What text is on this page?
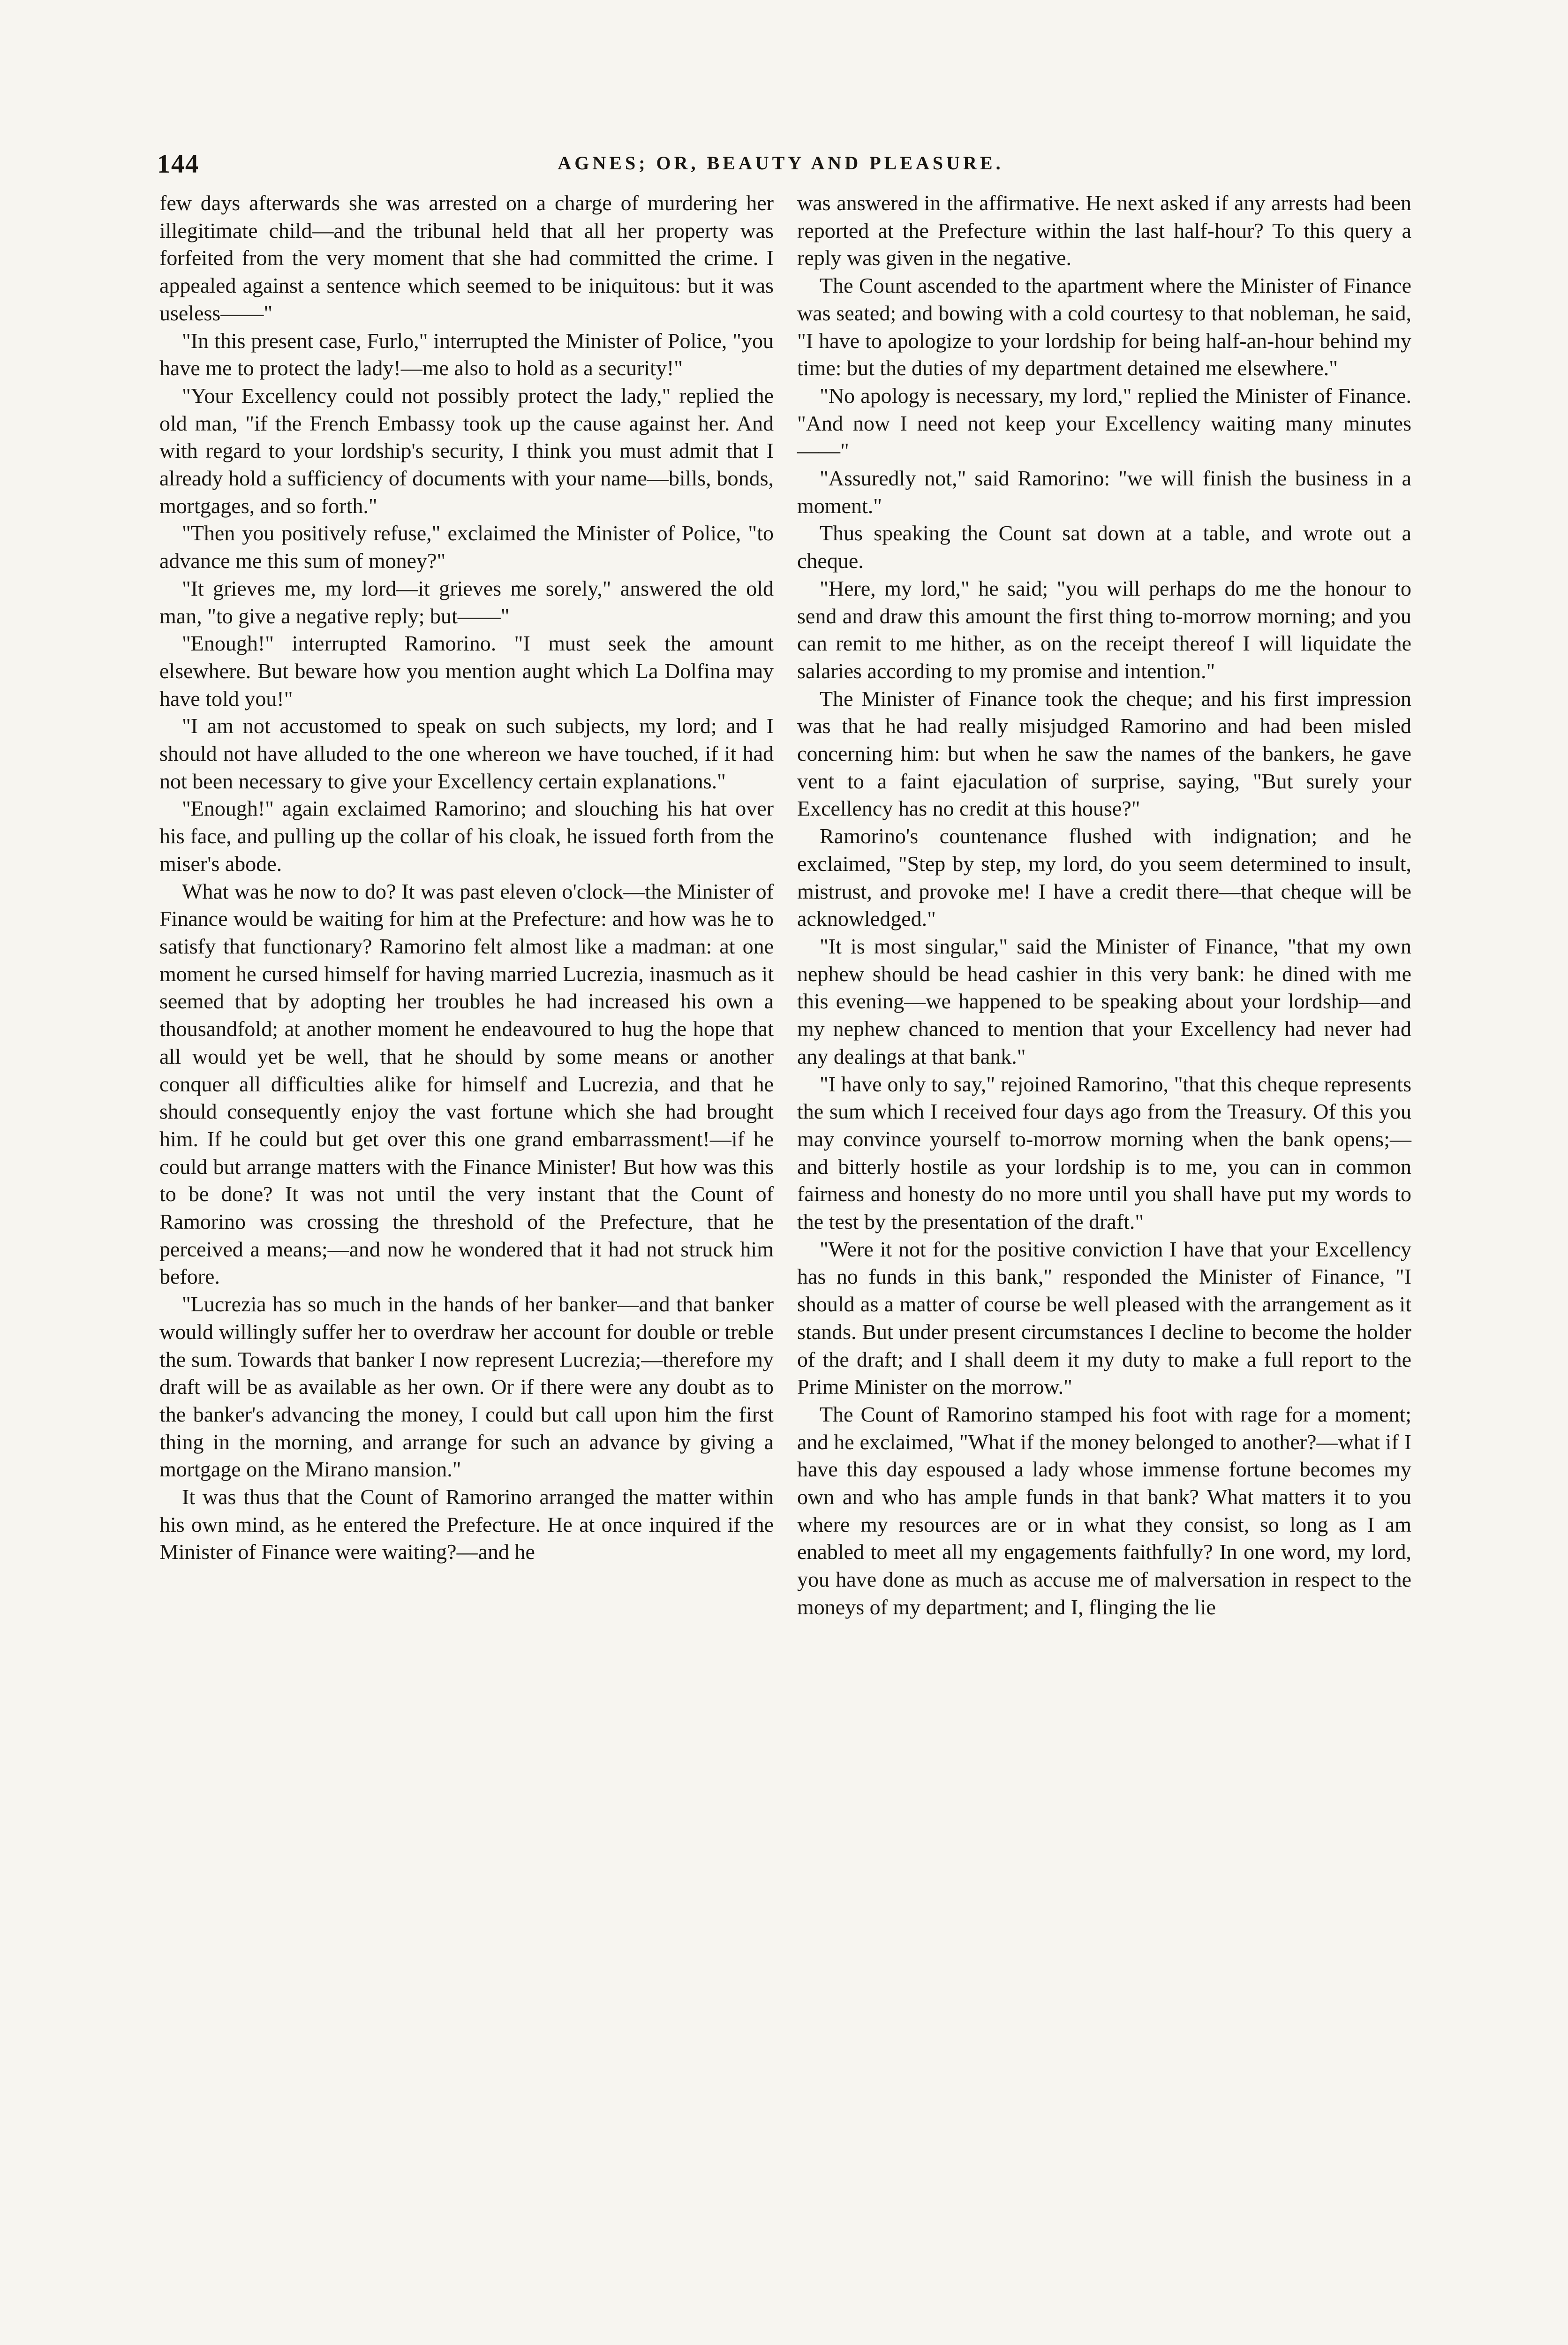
144	AGNES; OR, BEAUTY AND PLEASURE.

few days afterwards she was arrested on a charge of murdering her illegitimate child—and the tribunal held that all her property was forfeited from the very moment that she had committed the crime. I appealed against a sentence which seemed to be iniquitous: but it was useless——"

"In this present case, Furlo," interrupted the Minister of Police, "you have me to protect the lady!—me also to hold as a security!"

"Your Excellency could not possibly protect the lady," replied the old man, "if the French Embassy took up the cause against her. And with regard to your lordship's security, I think you must admit that I already hold a sufficiency of documents with your name—bills, bonds, mortgages, and so forth."

"Then you positively refuse," exclaimed the Minister of Police, "to advance me this sum of money?"

"It grieves me, my lord—it grieves me sorely," answered the old man, "to give a negative reply; but——"

"Enough!" interrupted Ramorino. "I must seek the amount elsewhere. But beware how you mention aught which La Dolfina may have told you!"

"I am not accustomed to speak on such subjects, my lord; and I should not have alluded to the one whereon we have touched, if it had not been necessary to give your Excellency certain explanations."

"Enough!" again exclaimed Ramorino; and slouching his hat over his face, and pulling up the collar of his cloak, he issued forth from the miser's abode.

What was he now to do? It was past eleven o'clock—the Minister of Finance would be waiting for him at the Prefecture: and how was he to satisfy that functionary? Ramorino felt almost like a madman: at one moment he cursed himself for having married Lucrezia, inasmuch as it seemed that by adopting her troubles he had increased his own a thousandfold; at another moment he endeavoured to hug the hope that all would yet be well, that he should by some means or another conquer all difficulties alike for himself and Lucrezia, and that he should consequently enjoy the vast fortune which she had brought him. If he could but get over this one grand embarrassment!—if he could but arrange matters with the Finance Minister! But how was this to be done? It was not until the very instant that the Count of Ramorino was crossing the threshold of the Prefecture, that he perceived a means;—and now he wondered that it had not struck him before.

"Lucrezia has so much in the hands of her banker—and that banker would willingly suffer her to overdraw her account for double or treble the sum. Towards that banker I now represent Lucrezia;—therefore my draft will be as available as her own. Or if there were any doubt as to the banker's advancing the money, I could but call upon him the first thing in the morning, and arrange for such an advance by giving a mortgage on the Mirano mansion."

It was thus that the Count of Ramorino arranged the matter within his own mind, as he entered the Prefecture. He at once inquired if the Minister of Finance were waiting?—and he

was answered in the affirmative. He next asked if any arrests had been reported at the Prefecture within the last half-hour? To this query a reply was given in the negative.

The Count ascended to the apartment where the Minister of Finance was seated; and bowing with a cold courtesy to that nobleman, he said, "I have to apologize to your lordship for being half-an-hour behind my time: but the duties of my department detained me elsewhere."

"No apology is necessary, my lord," replied the Minister of Finance. "And now I need not keep your Excellency waiting many minutes——"

"Assuredly not," said Ramorino: "we will finish the business in a moment."

Thus speaking the Count sat down at a table, and wrote out a cheque.

"Here, my lord," he said; "you will perhaps do me the honour to send and draw this amount the first thing to-morrow morning; and you can remit to me hither, as on the receipt thereof I will liquidate the salaries according to my promise and intention."

The Minister of Finance took the cheque; and his first impression was that he had really misjudged Ramorino and had been misled concerning him: but when he saw the names of the bankers, he gave vent to a faint ejaculation of surprise, saying, "But surely your Excellency has no credit at this house?"

Ramorino's countenance flushed with indignation; and he exclaimed, "Step by step, my lord, do you seem determined to insult, mistrust, and provoke me! I have a credit there—that cheque will be acknowledged."

"It is most singular," said the Minister of Finance, "that my own nephew should be head cashier in this very bank: he dined with me this evening—we happened to be speaking about your lordship—and my nephew chanced to mention that your Excellency had never had any dealings at that bank."

"I have only to say," rejoined Ramorino, "that this cheque represents the sum which I received four days ago from the Treasury. Of this you may convince yourself to-morrow morning when the bank opens;—and bitterly hostile as your lordship is to me, you can in common fairness and honesty do no more until you shall have put my words to the test by the presentation of the draft."

"Were it not for the positive conviction I have that your Excellency has no funds in this bank," responded the Minister of Finance, "I should as a matter of course be well pleased with the arrangement as it stands. But under present circumstances I decline to become the holder of the draft; and I shall deem it my duty to make a full report to the Prime Minister on the morrow."

The Count of Ramorino stamped his foot with rage for a moment; and he exclaimed, "What if the money belonged to another?—what if I have this day espoused a lady whose immense fortune becomes my own and who has ample funds in that bank? What matters it to you where my resources are or in what they consist, so long as I am enabled to meet all my engagements faithfully? In one word, my lord, you have done as much as accuse me of malversation in respect to the moneys of my department; and I, flinging the lie
